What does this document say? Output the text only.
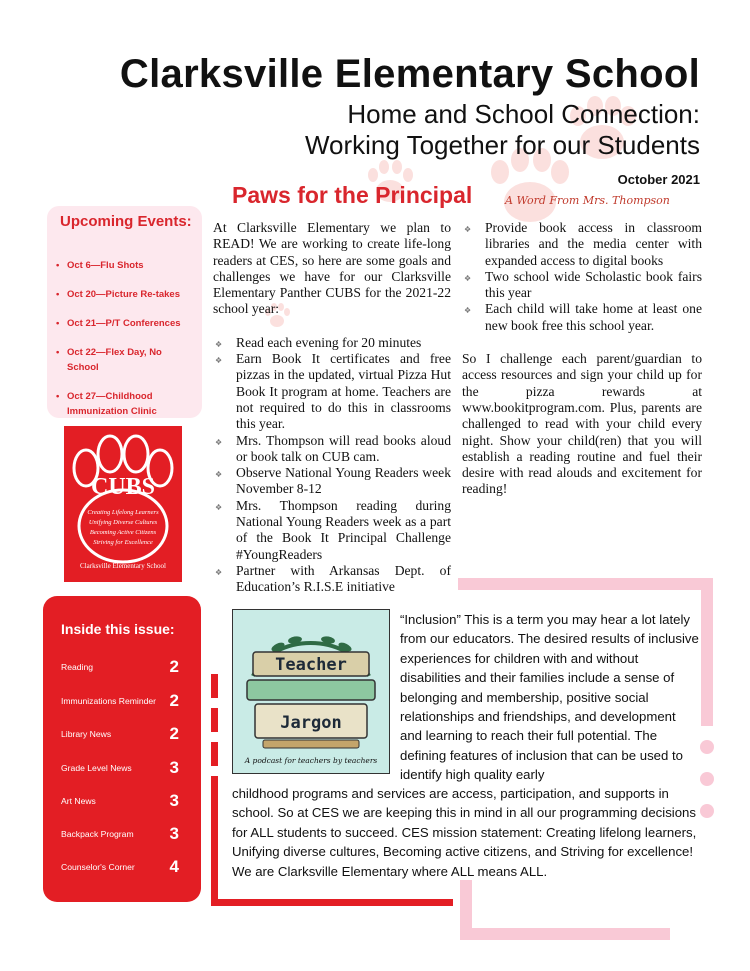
Clarksville Elementary School
Home and School Connection:
Working Together for our Students
October 2021
Paws for the Principal	A Word From Mrs. Thompson
Upcoming Events:
• Oct 6—Flu Shots
• Oct 20—Picture Re-takes
• Oct 21—P/T Conferences
• Oct 22—Flex Day, No School
• Oct 27—Childhood Immunization Clinic
CUBS
Creating Lifelong Learners
Unifying Diverse Cultures
Becoming Active Citizens
Striving for Excellence
Clarksville Elementary School

At Clarksville Elementary we plan to READ! We are working to create life-long readers at CES, so here are some goals and challenges we have for our Clarksville Elementary Panther CUBS for the 2021-22 school year:

❖ Read each evening for 20 minutes
❖ Earn Book It certificates and free pizzas in the updated, virtual Pizza Hut Book It program at home. Teachers are not required to do this in classrooms this year.
❖ Mrs. Thompson will read books aloud or book talk on CUB cam.
❖ Observe National Young Readers week November 8-12
❖ Mrs. Thompson reading during National Young Readers week as a part of the Book It Principal Challenge #YoungReaders
❖ Partner with Arkansas Dept. of Education’s R.I.S.E initiative
❖ Provide book access in classroom libraries and the media center with expanded access to digital books
❖ Two school wide Scholastic book fairs this year
❖ Each child will take home at least one new book free this school year.

So I challenge each parent/guardian to access resources and sign your child up for the pizza rewards at www.bookitprogram.com. Plus, parents are challenged to read with your child every night. Show your child(ren) that you will establish a reading routine and fuel their desire with read alouds and excitement for reading!

Inside this issue:
Reading	2
Immunizations Reminder 2
Library News	2
Grade Level News 3
Art News	3
Backpack Program 3
Counselor's Corner 4
Teacher
Jargon
A podcast for teachers by teachers
“Inclusion” This is a term you may hear a lot lately from our educators. The desired results of inclusive experiences for children with and without disabilities and their families include a sense of belonging and membership, positive social relationships and friendships, and development and learning to reach their full potential. The defining features of inclusion that can be used to identify high quality early
childhood programs and services are access, participation, and supports in school. So at CES we are keeping this in mind in all our programming decisions for ALL students to succeed. CES mission statement: Creating lifelong learners, Unifying diverse cultures, Becoming active citizens, and Striving for excellence! We are Clarksville Elementary where ALL means ALL.
